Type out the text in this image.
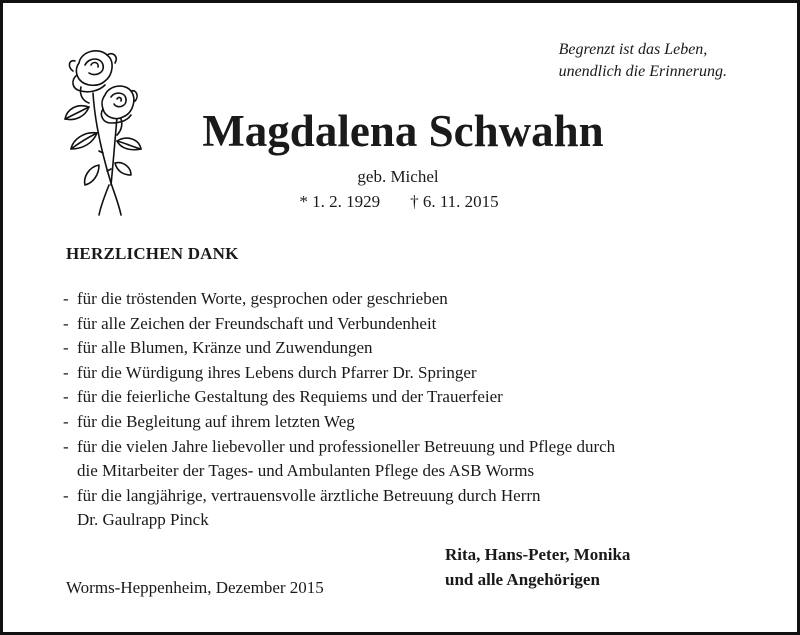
Begrenzt ist das Leben,
unendlich die Erinnerung.
Magdalena Schwahn
geb. Michel
* 1. 2. 1929 † 6. 11. 2015
HERZLICHEN DANK
- für die tröstenden Worte, gesprochen oder geschrieben
- für alle Zeichen der Freundschaft und Verbundenheit
- für alle Blumen, Kränze und Zuwendungen
- für die Würdigung ihres Lebens durch Pfarrer Dr. Springer
- für die feierliche Gestaltung des Requiems und der Trauerfeier
- für die Begleitung auf ihrem letzten Weg
- für die vielen Jahre liebevoller und professioneller Betreuung und Pflege durch
die Mitarbeiter der Tages- und Ambulanten Pflege des ASB Worms
- für die langjährige, vertrauensvolle ärztliche Betreuung durch Herrn
Dr. Gaulrapp Pinck
Worms-Heppenheim, Dezember 2015
Rita, Hans-Peter, Monika
und alle Angehörigen
